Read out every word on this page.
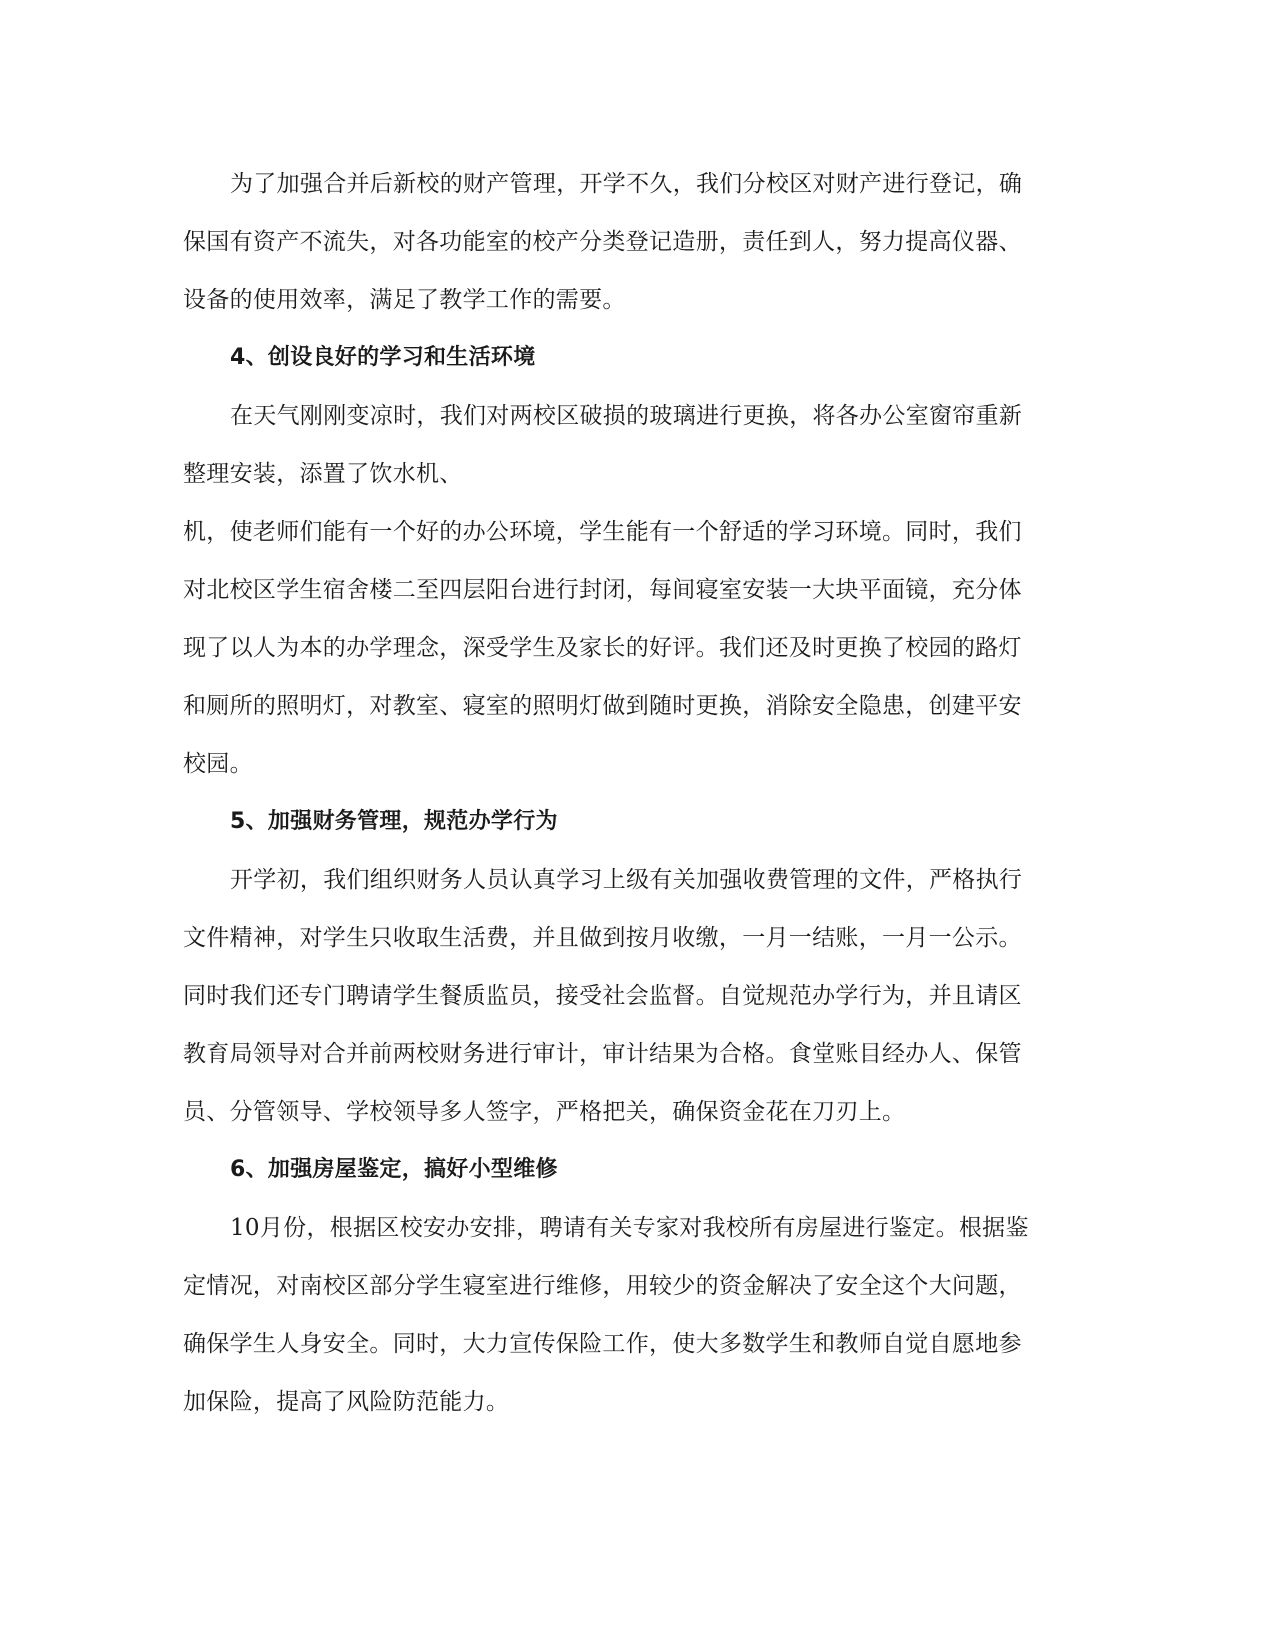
为了加强合并后新校的财产管理，开学不久，我们分校区对财产进行登记，确
保国有资产不流失，对各功能室的校产分类登记造册，责任到人，努力提高仪器、
设备的使用效率，满足了教学工作的需要。
4、创设良好的学习和生活环境
在天气刚刚变凉时，我们对两校区破损的玻璃进行更换，将各办公室窗帘重新
整理安装，添置了饮水机、
机，使老师们能有一个好的办公环境，学生能有一个舒适的学习环境。同时，我们
对北校区学生宿舍楼二至四层阳台进行封闭，每间寝室安装一大块平面镜，充分体
现了以人为本的办学理念，深受学生及家长的好评。我们还及时更换了校园的路灯
和厕所的照明灯，对教室、寝室的照明灯做到随时更换，消除安全隐患，创建平安
校园。
5、加强财务管理，规范办学行为
开学初，我们组织财务人员认真学习上级有关加强收费管理的文件，严格执行
文件精神，对学生只收取生活费，并且做到按月收缴，一月一结账，一月一公示。
同时我们还专门聘请学生餐质监员，接受社会监督。自觉规范办学行为，并且请区
教育局领导对合并前两校财务进行审计，审计结果为合格。食堂账目经办人、保管
员、分管领导、学校领导多人签字，严格把关，确保资金花在刀刃上。
6、加强房屋鉴定，搞好小型维修
10月份，根据区校安办安排，聘请有关专家对我校所有房屋进行鉴定。根据鉴
定情况，对南校区部分学生寝室进行维修，用较少的资金解决了安全这个大问题，
确保学生人身安全。同时，大力宣传保险工作，使大多数学生和教师自觉自愿地参
加保险，提高了风险防范能力。
